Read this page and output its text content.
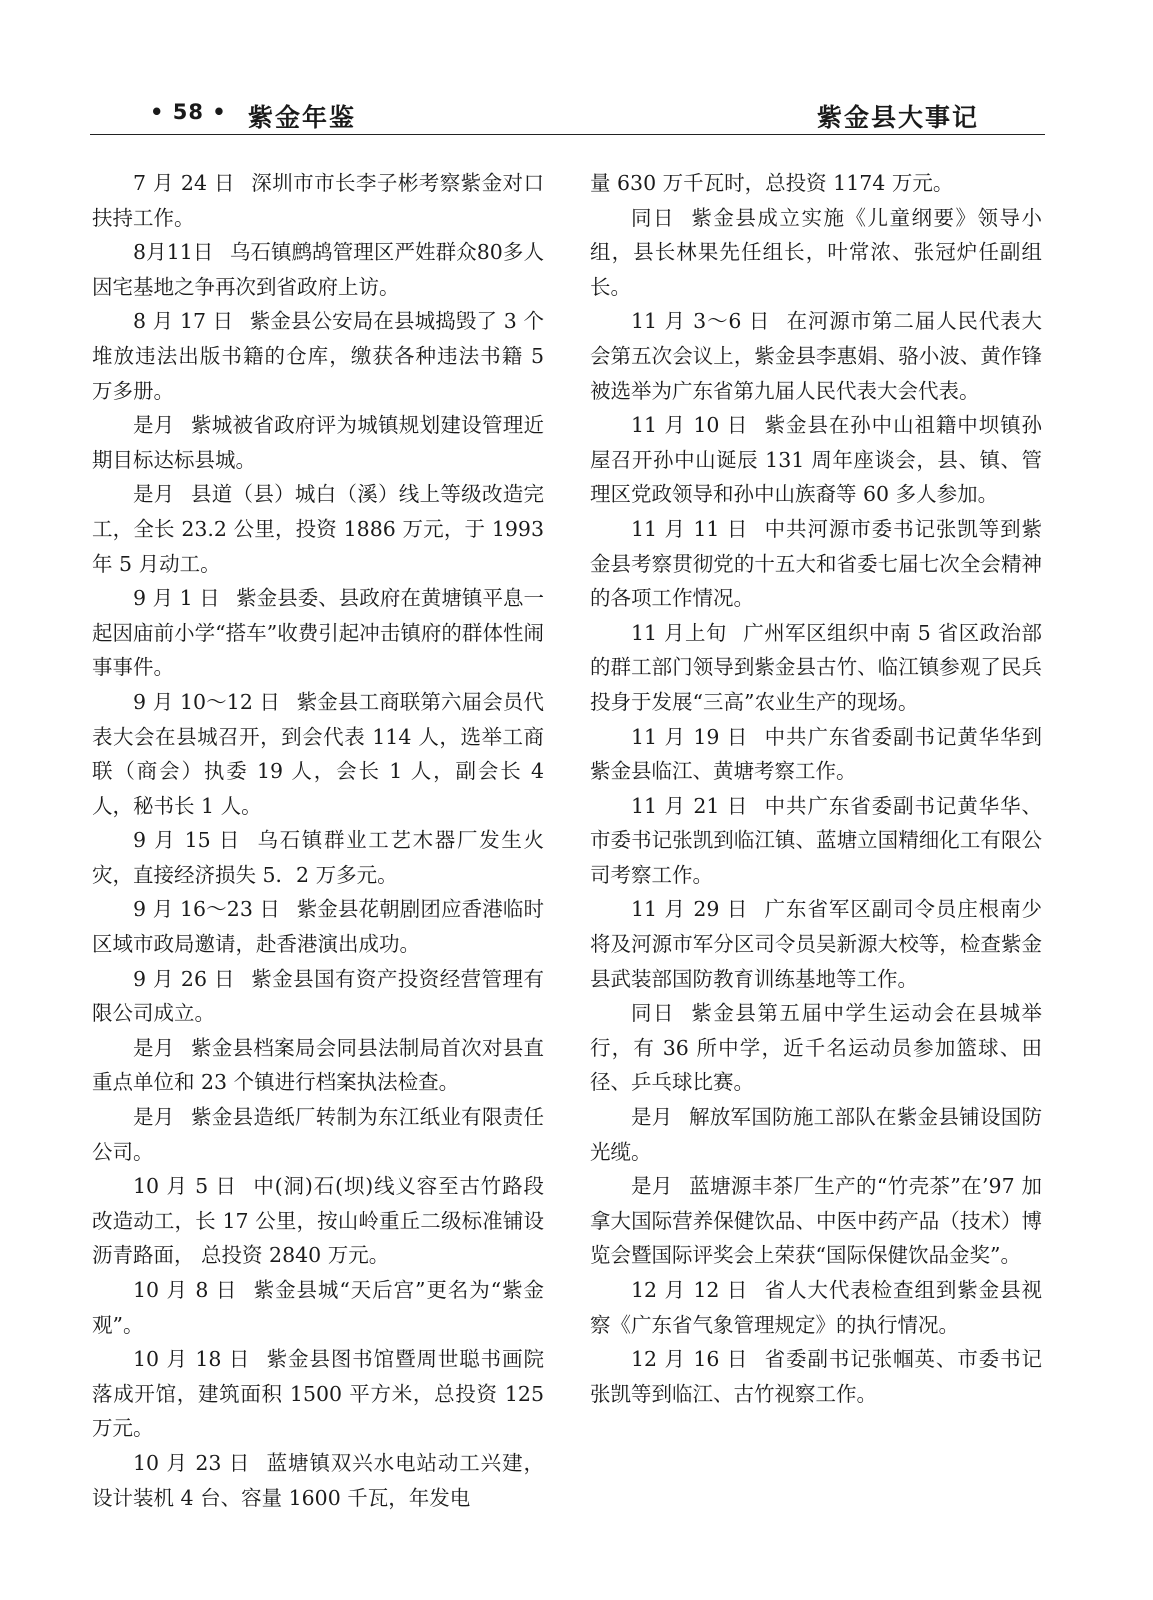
• 58 • 紫金年鉴	紫金县大事记

7 月 24 日 深圳市市长李子彬考察紫金对口扶持工作。

8月11日 乌石镇鹧鸪管理区严姓群众80多人因宅基地之争再次到省政府上访。

8 月 17 日 紫金县公安局在县城捣毁了 3 个堆放违法出版书籍的仓库，缴获各种违法书籍 5 万多册。

是月 紫城被省政府评为城镇规划建设管理近期目标达标县城。

是月 县道（县）城白（溪）线上等级改造完工，全长 23.2 公里，投资 1886 万元，于 1993 年 5 月动工。

9 月 1 日 紫金县委、县政府在黄塘镇平息一起因庙前小学“搭车”收费引起冲击镇府的群体性闹事事件。

9 月 10～12 日 紫金县工商联第六届会员代表大会在县城召开，到会代表 114 人，选举工商联（商会）执委 19 人，会长 1 人，副会长 4 人，秘书长 1 人。

9 月 15 日 乌石镇群业工艺木器厂发生火灾，直接经济损失 5．2 万多元。

9 月 16～23 日 紫金县花朝剧团应香港临时区域市政局邀请，赴香港演出成功。

9 月 26 日 紫金县国有资产投资经营管理有限公司成立。

是月 紫金县档案局会同县法制局首次对县直重点单位和 23 个镇进行档案执法检查。

是月 紫金县造纸厂转制为东江纸业有限责任公司。

10 月 5 日 中(洞)石(坝)线义容至古竹路段改造动工，长 17 公里，按山岭重丘二级标准铺设沥青路面， 总投资 2840 万元。

10 月 8 日 紫金县城“天后宫”更名为“紫金观”。

10 月 18 日 紫金县图书馆暨周世聪书画院落成开馆，建筑面积 1500 平方米，总投资 125 万元。

10 月 23 日 蓝塘镇双兴水电站动工兴建，设计装机 4 台、容量 1600 千瓦，年发电

量 630 万千瓦时，总投资 1174 万元。

同日 紫金县成立实施《儿童纲要》领导小组，县长林果先任组长，叶常浓、张冠炉任副组长。

11 月 3～6 日 在河源市第二届人民代表大会第五次会议上，紫金县李惠娟、骆小波、黄作锋被选举为广东省第九届人民代表大会代表。

11 月 10 日 紫金县在孙中山祖籍中坝镇孙屋召开孙中山诞辰 131 周年座谈会，县、镇、管理区党政领导和孙中山族裔等 60 多人参加。

11 月 11 日 中共河源市委书记张凯等到紫金县考察贯彻党的十五大和省委七届七次全会精神的各项工作情况。

11 月上旬 广州军区组织中南 5 省区政治部的群工部门领导到紫金县古竹、临江镇参观了民兵投身于发展“三高”农业生产的现场。

11 月 19 日 中共广东省委副书记黄华华到紫金县临江、黄塘考察工作。

11 月 21 日 中共广东省委副书记黄华华、市委书记张凯到临江镇、蓝塘立国精细化工有限公司考察工作。

11 月 29 日 广东省军区副司令员庄根南少将及河源市军分区司令员吴新源大校等，检查紫金县武装部国防教育训练基地等工作。

同日 紫金县第五届中学生运动会在县城举行，有 36 所中学，近千名运动员参加篮球、田径、乒乓球比赛。

是月 解放军国防施工部队在紫金县铺设国防光缆。

是月 蓝塘源丰茶厂生产的“竹壳茶”在’97 加拿大国际营养保健饮品、中医中药产品（技术）博览会暨国际评奖会上荣获“国际保健饮品金奖”。

12 月 12 日 省人大代表检查组到紫金县视察《广东省气象管理规定》的执行情况。

12 月 16 日 省委副书记张帼英、市委书记张凯等到临江、古竹视察工作。
